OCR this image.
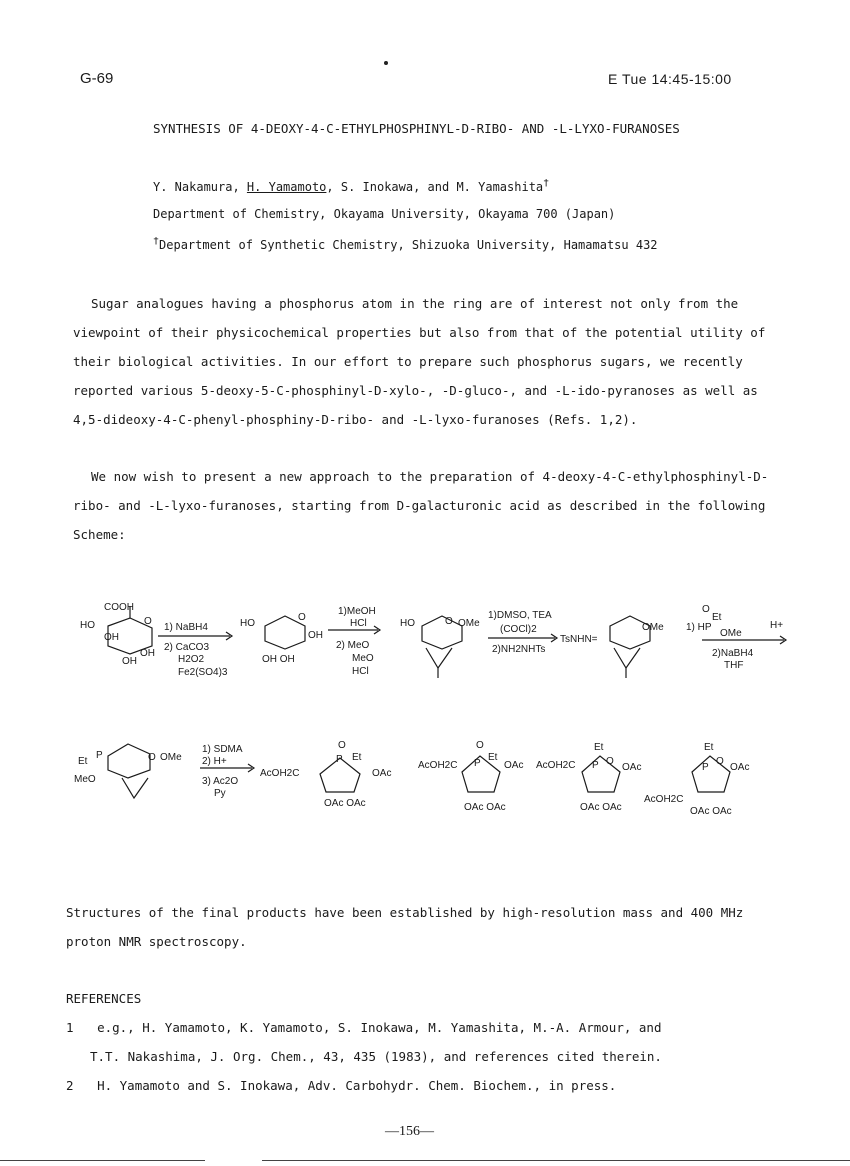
G-69	E Tue 14:45-15:00
SYNTHESIS OF 4-DEOXY-4-C-ETHYLPHOSPHINYL-D-RIBO- AND -L-LYXO-FURANOSES
Y. Nakamura, H. Yamamoto, S. Inokawa, and M. Yamashita†
Department of Chemistry, Okayama University, Okayama 700 (Japan)
†Department of Synthetic Chemistry, Shizuoka University, Hamamatsu 432
Sugar analogues having a phosphorus atom in the ring are of interest not only from the viewpoint of their physicochemical properties but also from that of the potential utility of their biological activities. In our effort to prepare such phosphorus sugars, we recently reported various 5-deoxy-5-C-phosphinyl-D-xylo-, -D-gluco-, and -L-ido-pyranoses as well as 4,5-dideoxy-4-C-phenyl-phosphiny-D-ribo- and -L-lyxo-furanoses (Refs. 1,2).
We now wish to present a new approach to the preparation of 4-deoxy-4-C-ethylphosphinyl-D-ribo- and -L-lyxo-furanoses, starting from D-galacturonic acid as described in the following Scheme:
COOH
HO	O
OH
OH
OH
1) NaBH4
2) CaCO3
H2O2
Fe2(SO4)3
HO
O
OH
OH OH
1)MeOH
HCl
2) MeO
MeO
HCl
HO	O OMe
1)DMSO, TEA
(COCl)2
2)NH2NHTs
TsNHN=
OMe
O
1) HP
Et
OMe
H+
2)NaBH4
THF
Et
P
MeO
O OMe
1) SDMA
2) H+
3) Ac2O
Py
O
P Et
AcOH2C	OAc
OAc OAc
O
P
Et
AcOH2C	OAc
OAc OAc
Et
P O
AcOH2C	OAc
OAc OAc
Et
P
O
AcOH2C
OAc
OAc OAc
Structures of the final products have been established by high-resolution mass and 400 MHz proton NMR spectroscopy.
REFERENCES
1 e.g., H. Yamamoto, K. Yamamoto, S. Inokawa, M. Yamashita, M.-A. Armour, and
T.T. Nakashima, J. Org. Chem., 43, 435 (1983), and references cited therein.
2 H. Yamamoto and S. Inokawa, Adv. Carbohydr. Chem. Biochem., in press.
—156—
